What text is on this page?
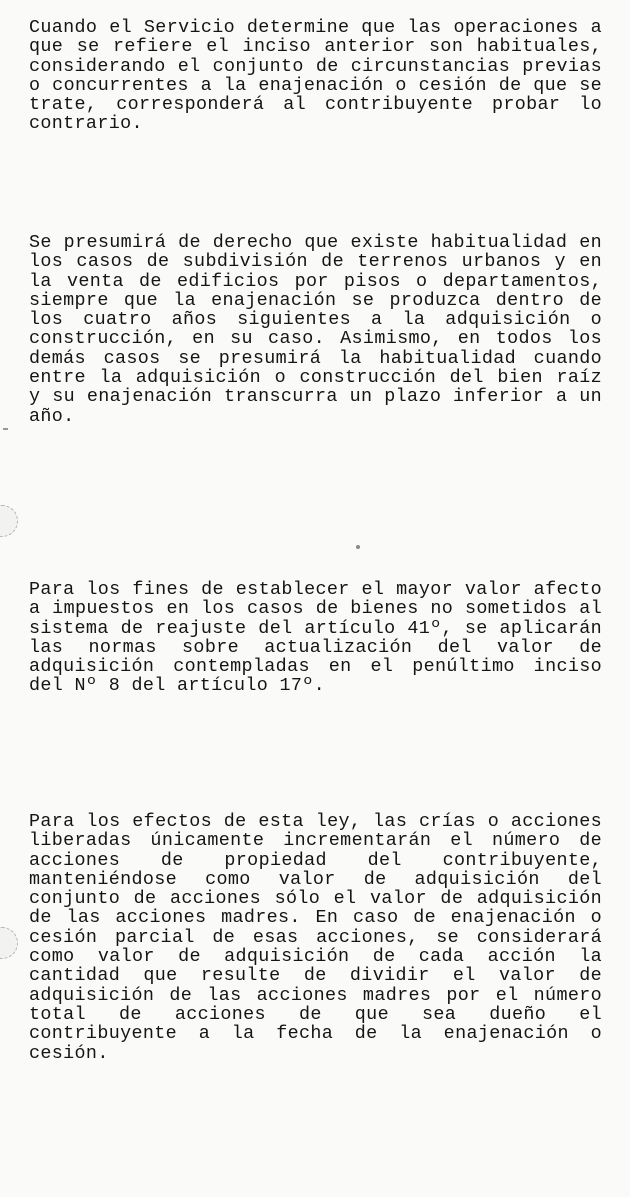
Cuando el Servicio determine que las operaciones a que se refiere el inciso anterior son habituales, considerando el conjunto de circunstancias previas o concurrentes a la enajenación o cesión de que se trate, corresponderá al contribuyente probar lo contrario.

Se presumirá de derecho que existe habitualidad en los casos de subdivisión de terrenos urbanos y en la venta de edificios por pisos o departamentos, siempre que la enajenación se produzca dentro de los cuatro años siguientes a la adquisición o construcción, en su caso. Asimismo, en todos los demás casos se presumirá la habitualidad cuando entre la adquisición o construcción del bien raíz y su enajenación transcurra un plazo inferior a un año.

Para los fines de establecer el mayor valor afecto a impuestos en los casos de bienes no sometidos al sistema de reajuste del artículo 41º, se aplicarán las normas sobre actualización del valor de adquisición contempladas en el penúltimo inciso del Nº 8 del artículo 17º.

Para los efectos de esta ley, las crías o acciones liberadas únicamente incrementarán el número de acciones de propiedad del contribuyente, manteniéndose como valor de adquisición del conjunto de acciones sólo el valor de adquisición de las acciones madres. En caso de enajenación o cesión parcial de esas acciones, se considerará como valor de adquisición de cada acción la cantidad que resulte de dividir el valor de adquisición de las acciones madres por el número total de acciones de que sea dueño el contribuyente a la fecha de la enajenación o cesión.
